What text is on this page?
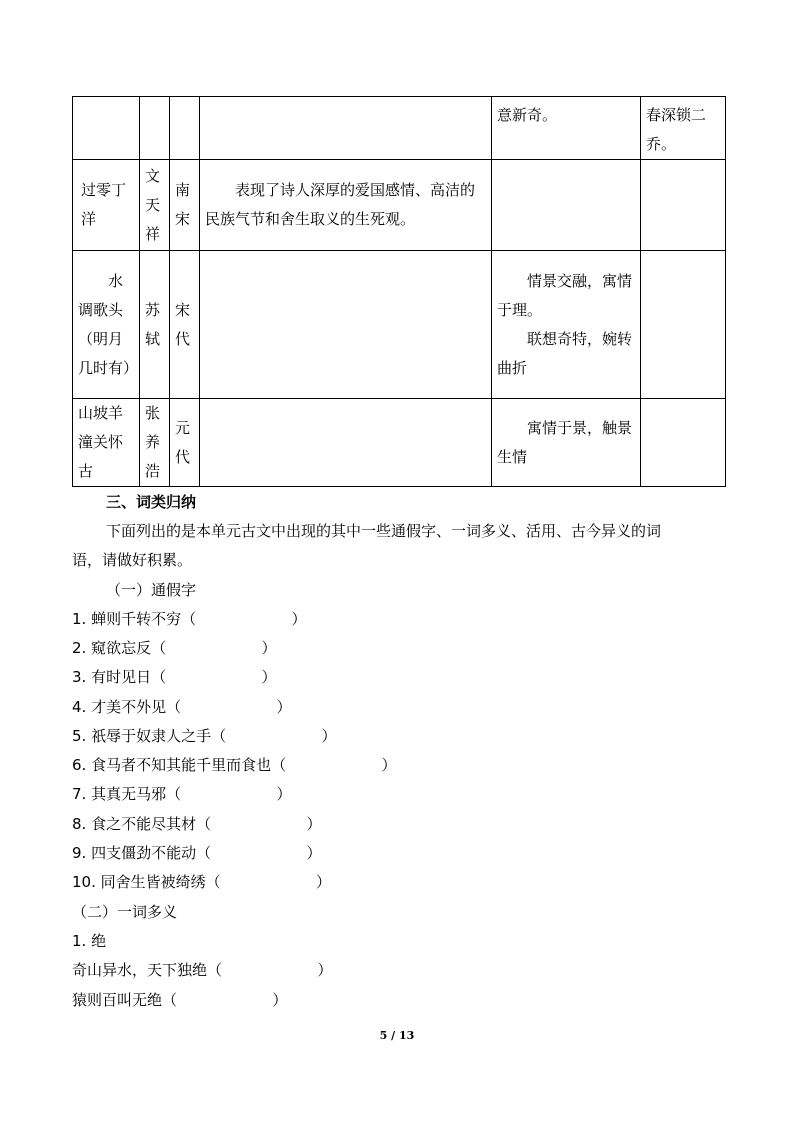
				意新奇。	春深锁二乔。
过零丁洋	文天祥	南宋	表现了诗人深厚的爱国感情、高洁的民族气节和舍生取义的生死观。		
水调歌头（明月几时有）	苏轼	宋代		情景交融，寓情于理。
联想奇特，婉转曲折	

山坡羊潼关怀古	张养浩	元代		寓情于景，触景生情	
三、词类归纳
下面列出的是本单元古文中出现的其中一些通假字、一词多义、活用、古今异义的词
语，请做好积累。
（一）通假字
1. 蝉则千转不穷（                    ）
2. 窥欲忘反（                    ）
3. 有时见日（                    ）
4. 才美不外见（                    ）
5. 祇辱于奴隶人之手（                    ）
6. 食马者不知其能千里而食也（                    ）
7. 其真无马邪（                    ）
8. 食之不能尽其材（                    ）
9. 四支僵劲不能动（                    ）
10. 同舍生皆被绮绣（                    ）
（二）一词多义
1. 绝
奇山异水，天下独绝（                    ）
猿则百叫无绝（                    ）
5 / 13
